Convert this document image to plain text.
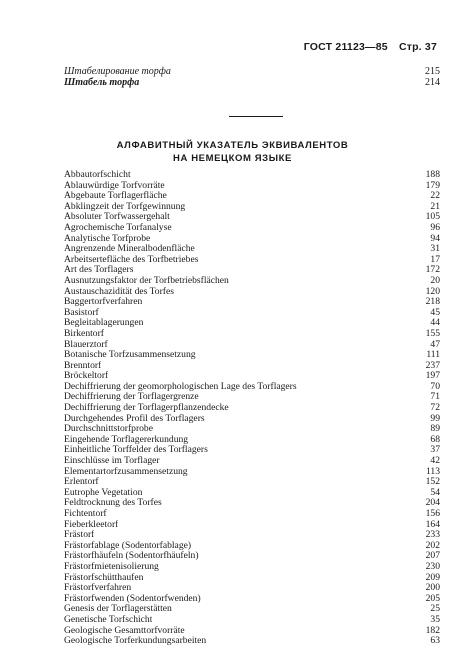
ГОСТ 21123—85 Стр. 37
Штабелирование торфа	215
Штабель торфа	214
АЛФАВИТНЫЙ УКАЗАТЕЛЬ ЭКВИВАЛЕНТОВ
НА НЕМЕЦКОМ ЯЗЫКЕ
Abbautorfschicht	188
Ablauwürdige Torfvorräte	179
Abgebaute Torflagerfläche	22
Abklingzeit der Torfgewinnung	21
Absoluter Torfwassergehalt	105
Agrochemische Torfanalyse	96
Analytische Torfprobe	94
Angrenzende Mineralbodenfläche	31
Arbeitsertefläche des Torfbetriebes	17
Art des Torflagers	172
Ausnutzungsfaktor der Torfbetriebsflächen	20
Austauschazidität des Torfes	120
Baggertorfverfahren	218
Basistorf	45
Begleitablagerungen	44
Birkentorf	155
Blauerztorf	47
Botanische Torfzusammensetzung	111
Brenntorf	237
Bröckeltorf	197
Dechiffrierung der geomorphologischen Lage des Torflagers	70
Dechiffrierung der Torflagergrenze	71
Dechiffrierung der Torflagerpflanzendecke	72
Durchgehendes Profil des Torflagers	99
Durchschnittstorfprobe	89
Eingehende Torflagererkundung	68
Einheitliche Torffelder des Torflagers	37
Einschlüsse im Torflager	42
Elementartorfzusammensetzung	113
Erlentorf	152
Eutrophe Vegetation	54
Feldtrocknung des Torfes	204
Fichtentorf	156
Fieberkleetorf	164
Frästorf	233
Frästorfablage (Sodentorfablage)	202
Frästorfhäufeln (Sodentorfhäufeln)	207
Frästorfmietenisolierung	230
Frästorfschütthaufen	209
Frästorfverfahren	200
Frästorfwenden (Sodentorfwenden)	205
Genesis der Torflagerstätten	25
Genetische Torfschicht	35
Geologische Gesamttorfvorräte	182
Geologische Torferkundungsarbeiten	63
